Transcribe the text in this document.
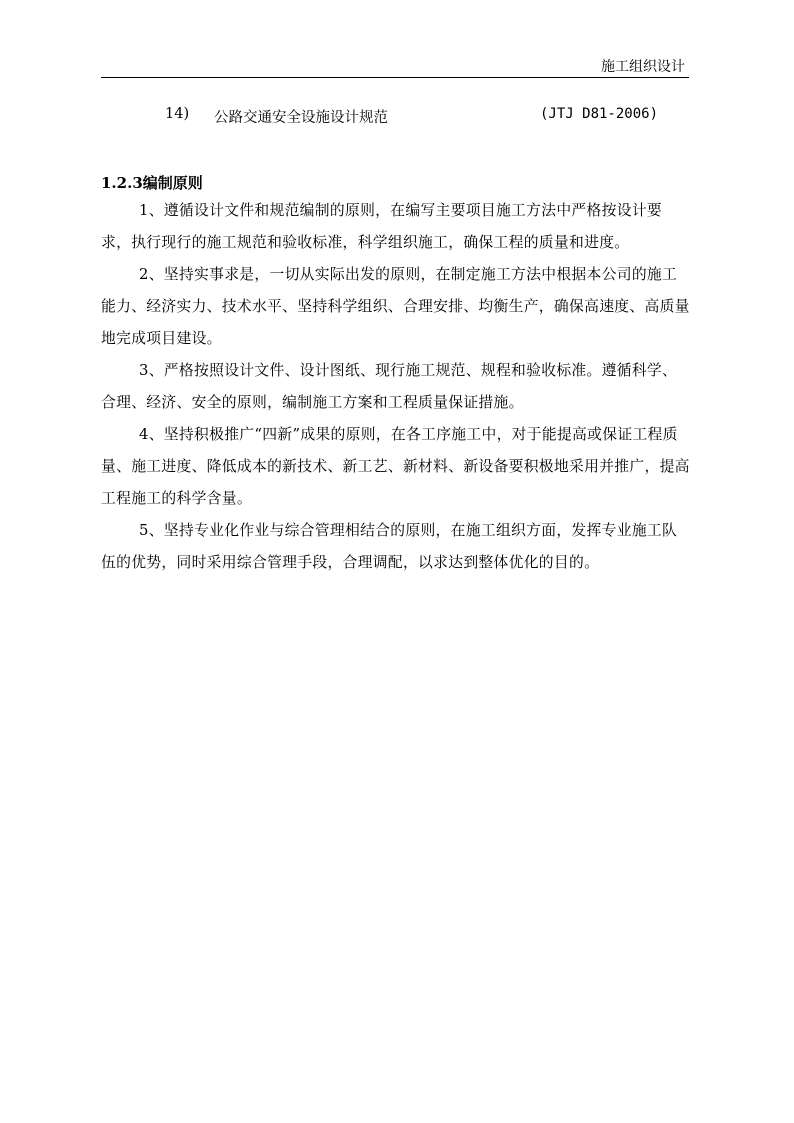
施工组织设计
14) 公路交通安全设施设计规范	(JTJ D81-2006)
1.2.3编制原则

1、遵循设计文件和规范编制的原则，在编写主要项目施工方法中严格按设计要求，执行现行的施工规范和验收标准，科学组织施工，确保工程的质量和进度。

2、坚持实事求是，一切从实际出发的原则，在制定施工方法中根据本公司的施工能力、经济实力、技术水平、坚持科学组织、合理安排、均衡生产，确保高速度、高质量地完成项目建设。

3、严格按照设计文件、设计图纸、现行施工规范、规程和验收标准。遵循科学、合理、经济、安全的原则，编制施工方案和工程质量保证措施。

4、坚持积极推广“四新”成果的原则，在各工序施工中，对于能提高或保证工程质量、施工进度、降低成本的新技术、新工艺、新材料、新设备要积极地采用并推广，提高工程施工的科学含量。

5、坚持专业化作业与综合管理相结合的原则，在施工组织方面，发挥专业施工队伍的优势，同时采用综合管理手段，合理调配，以求达到整体优化的目的。
